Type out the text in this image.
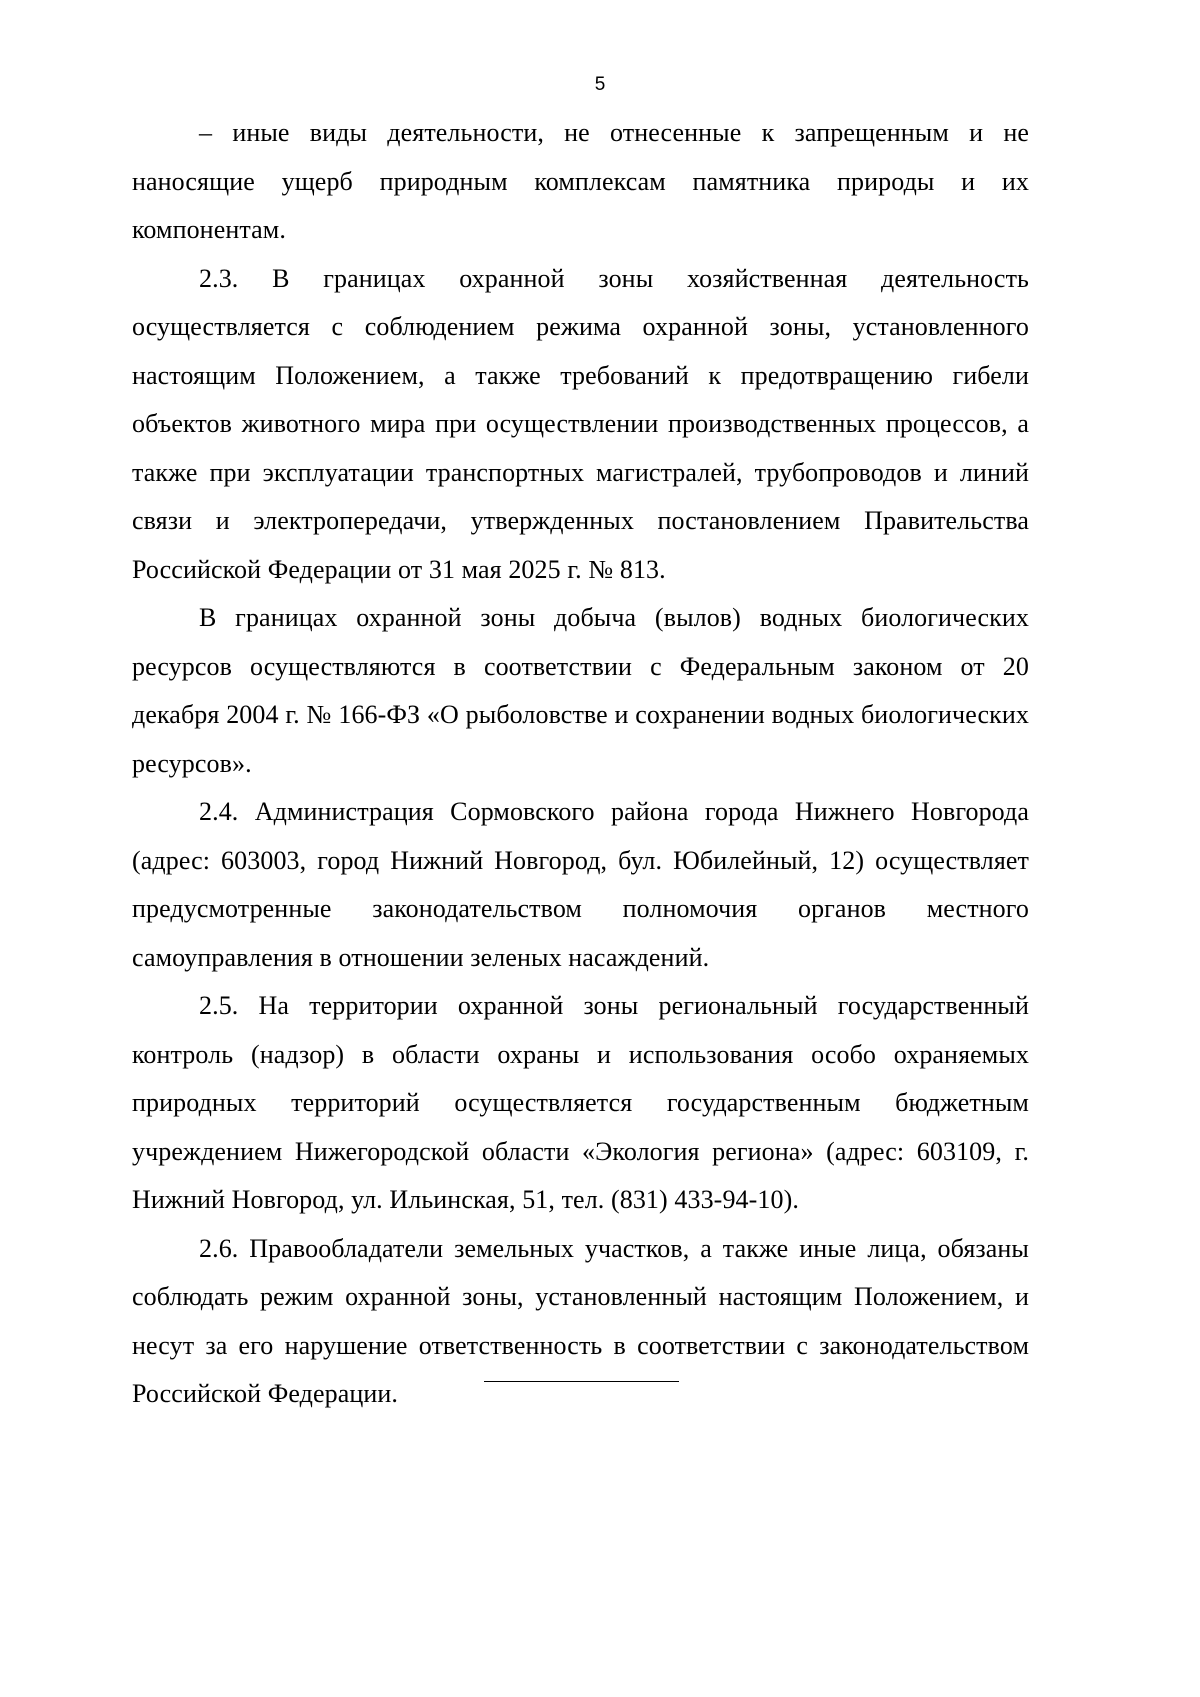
5

– иные виды деятельности, не отнесенные к запрещенным и не наносящие ущерб природным комплексам памятника природы и их компонентам.

2.3. В границах охранной зоны хозяйственная деятельность осуществляется с соблюдением режима охранной зоны, установленного настоящим Положением, а также требований к предотвращению гибели объектов животного мира при осуществлении производственных процессов, а также при эксплуатации транспортных магистралей, трубопроводов и линий связи и электропередачи, утвержденных постановлением Правительства Российской Федерации от 31 мая 2025 г. № 813.

В границах охранной зоны добыча (вылов) водных биологических ресурсов осуществляются в соответствии с Федеральным законом от 20 декабря 2004 г. № 166-ФЗ «О рыболовстве и сохранении водных биологических ресурсов».

2.4. Администрация Сормовского района города Нижнего Новгорода (адрес: 603003, город Нижний Новгород, бул. Юбилейный, 12) осуществляет предусмотренные законодательством полномочия органов местного самоуправления в отношении зеленых насаждений.

2.5. На территории охранной зоны региональный государственный контроль (надзор) в области охраны и использования особо охраняемых природных территорий осуществляется государственным бюджетным учреждением Нижегородской области «Экология региона» (адрес: 603109, г. Нижний Новгород, ул. Ильинская, 51, тел. (831) 433-94-10).

2.6. Правообладатели земельных участков, а также иные лица, обязаны соблюдать режим охранной зоны, установленный настоящим Положением, и несут за его нарушение ответственность в соответствии с законодательством Российской Федерации.
